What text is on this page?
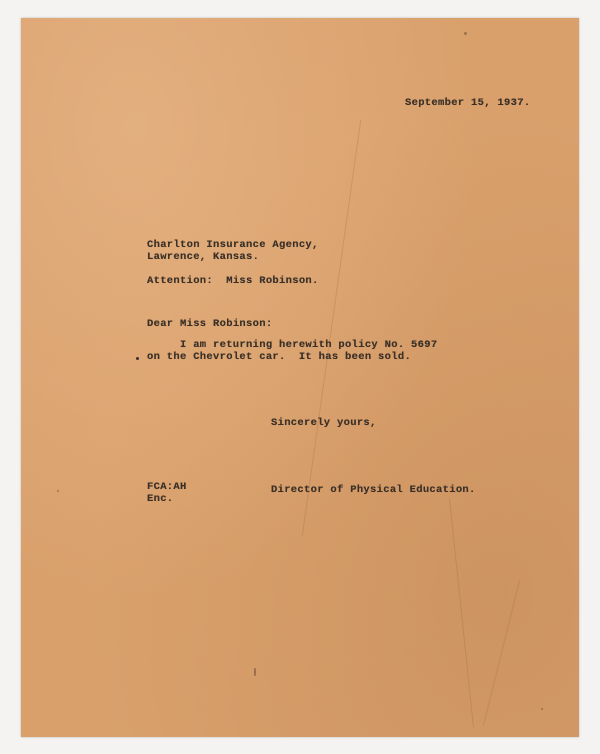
September 15, 1937.
Charlton Insurance Agency,
Lawrence, Kansas.
Attention:  Miss Robinson.
Dear Miss Robinson:
I am returning herewith policy No. 5697
on the Chevrolet car.  It has been sold.
Sincerely yours,
FCA:AH
Enc.
Director of Physical Education.
